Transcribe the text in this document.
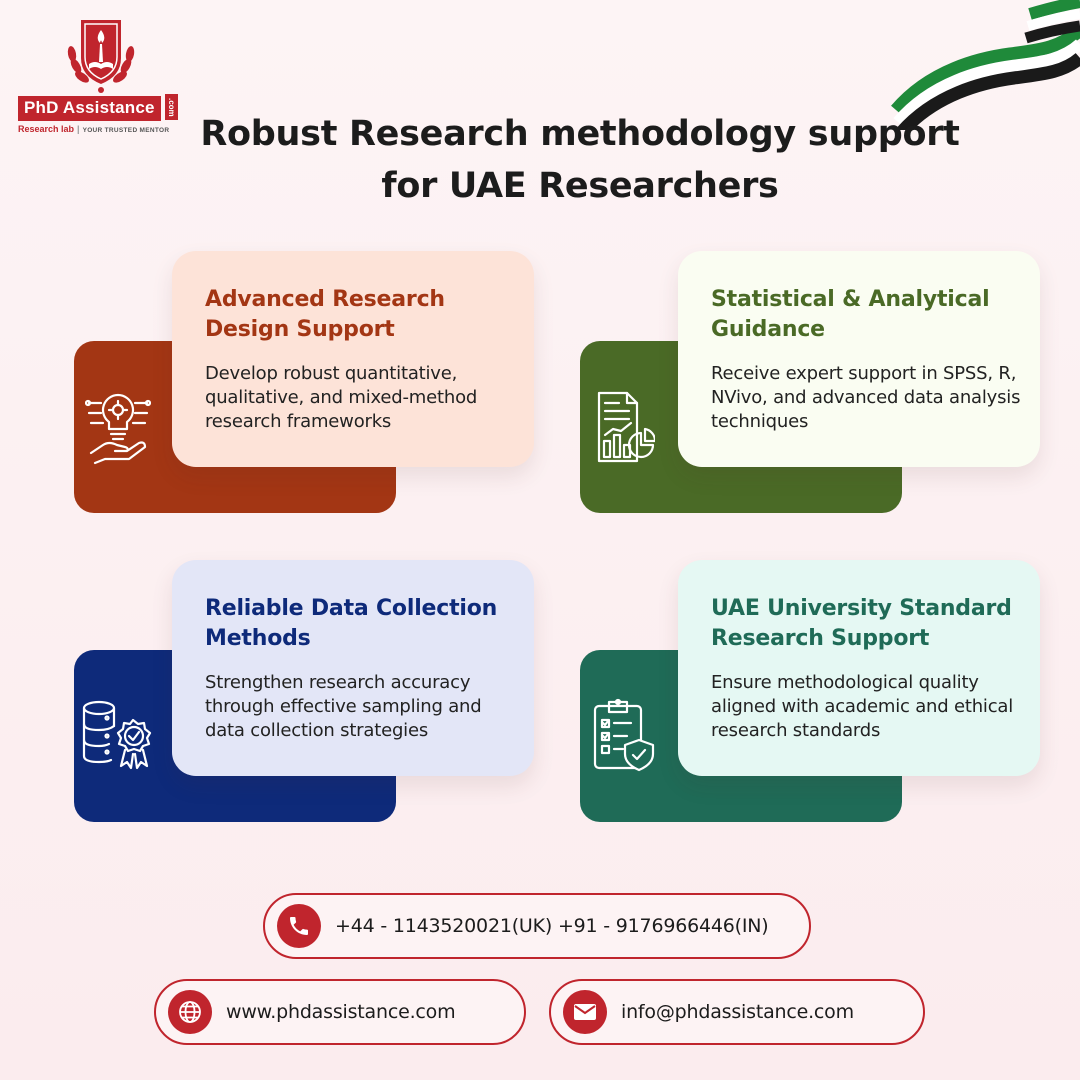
PhD Assistance	.com
Research lab | YOUR TRUSTED MENTOR Robust Research methodology support for UAE Researchers
Advanced Research Design Support

Develop robust quantitative, qualitative, and mixed-method research frameworks

Statistical & Analytical Guidance

Receive expert support in SPSS, R, NVivo, and advanced data analysis techniques

Reliable Data Collection Methods

Strengthen research accuracy through effective sampling and data collection strategies

UAE University Standard Research Support

Ensure methodological quality aligned with academic and ethical research standards

+44 - 1143520021(UK) +91 - 9176966446(IN)
www.phdassistance.com	info@phdassistance.com
